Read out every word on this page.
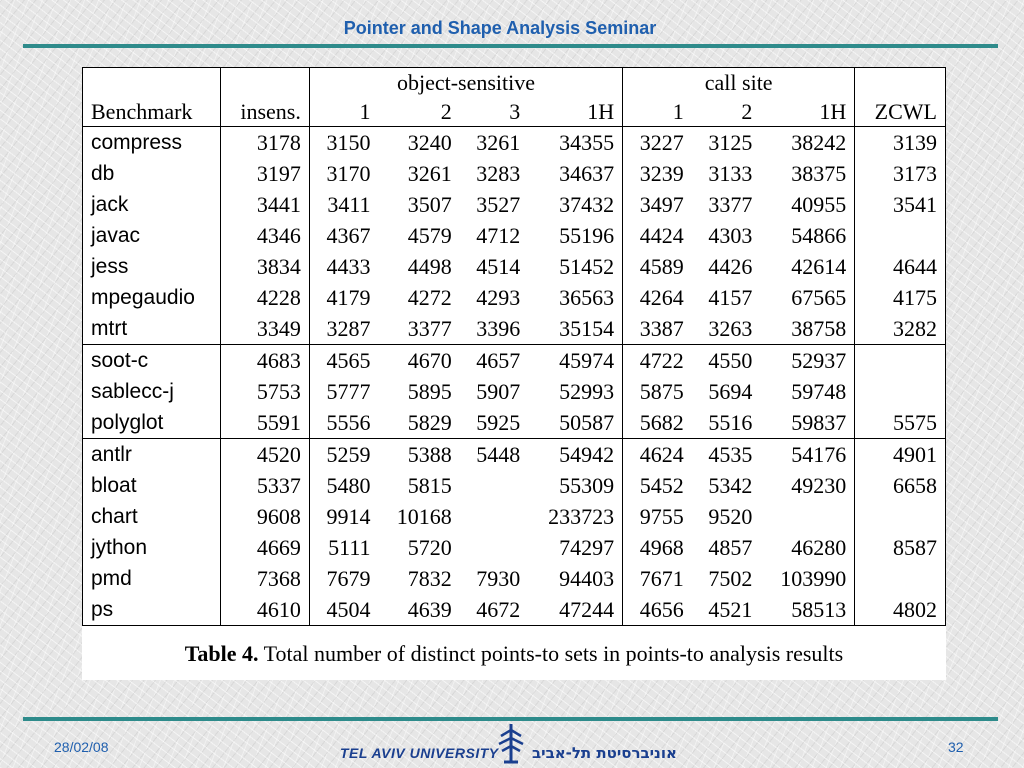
Pointer and Shape Analysis Seminar
		object-sensitive				call site			
Benchmark	insens.	1	2	3	1H	1	2	1H	ZCWL
compress	3178	3150	3240	3261	34355	3227	3125	38242	3139
db	3197	3170	3261	3283	34637	3239	3133	38375	3173
jack	3441	3411	3507	3527	37432	3497	3377	40955	3541
javac	4346	4367	4579	4712	55196	4424	4303	54866	
jess	3834	4433	4498	4514	51452	4589	4426	42614	4644
mpegaudio	4228	4179	4272	4293	36563	4264	4157	67565	4175
mtrt	3349	3287	3377	3396	35154	3387	3263	38758	3282
soot-c	4683	4565	4670	4657	45974	4722	4550	52937	
sablecc-j	5753	5777	5895	5907	52993	5875	5694	59748	
polyglot	5591	5556	5829	5925	50587	5682	5516	59837	5575
antlr	4520	5259	5388	5448	54942	4624	4535	54176	4901
bloat	5337	5480	5815		55309	5452	5342	49230	6658
chart	9608	9914	10168		233723	9755	9520		
jython	4669	5111	5720		74297	4968	4857	46280	8587
pmd	7368	7679	7832	7930	94403	7671	7502	103990	
ps	4610	4504	4639	4672	47244	4656	4521	58513	4802
Table 4. Total number of distinct points-to sets in points-to analysis results
28/02/08	TEL AVIV UNIVERSITY אוניברסיטת תל-אביב	32
